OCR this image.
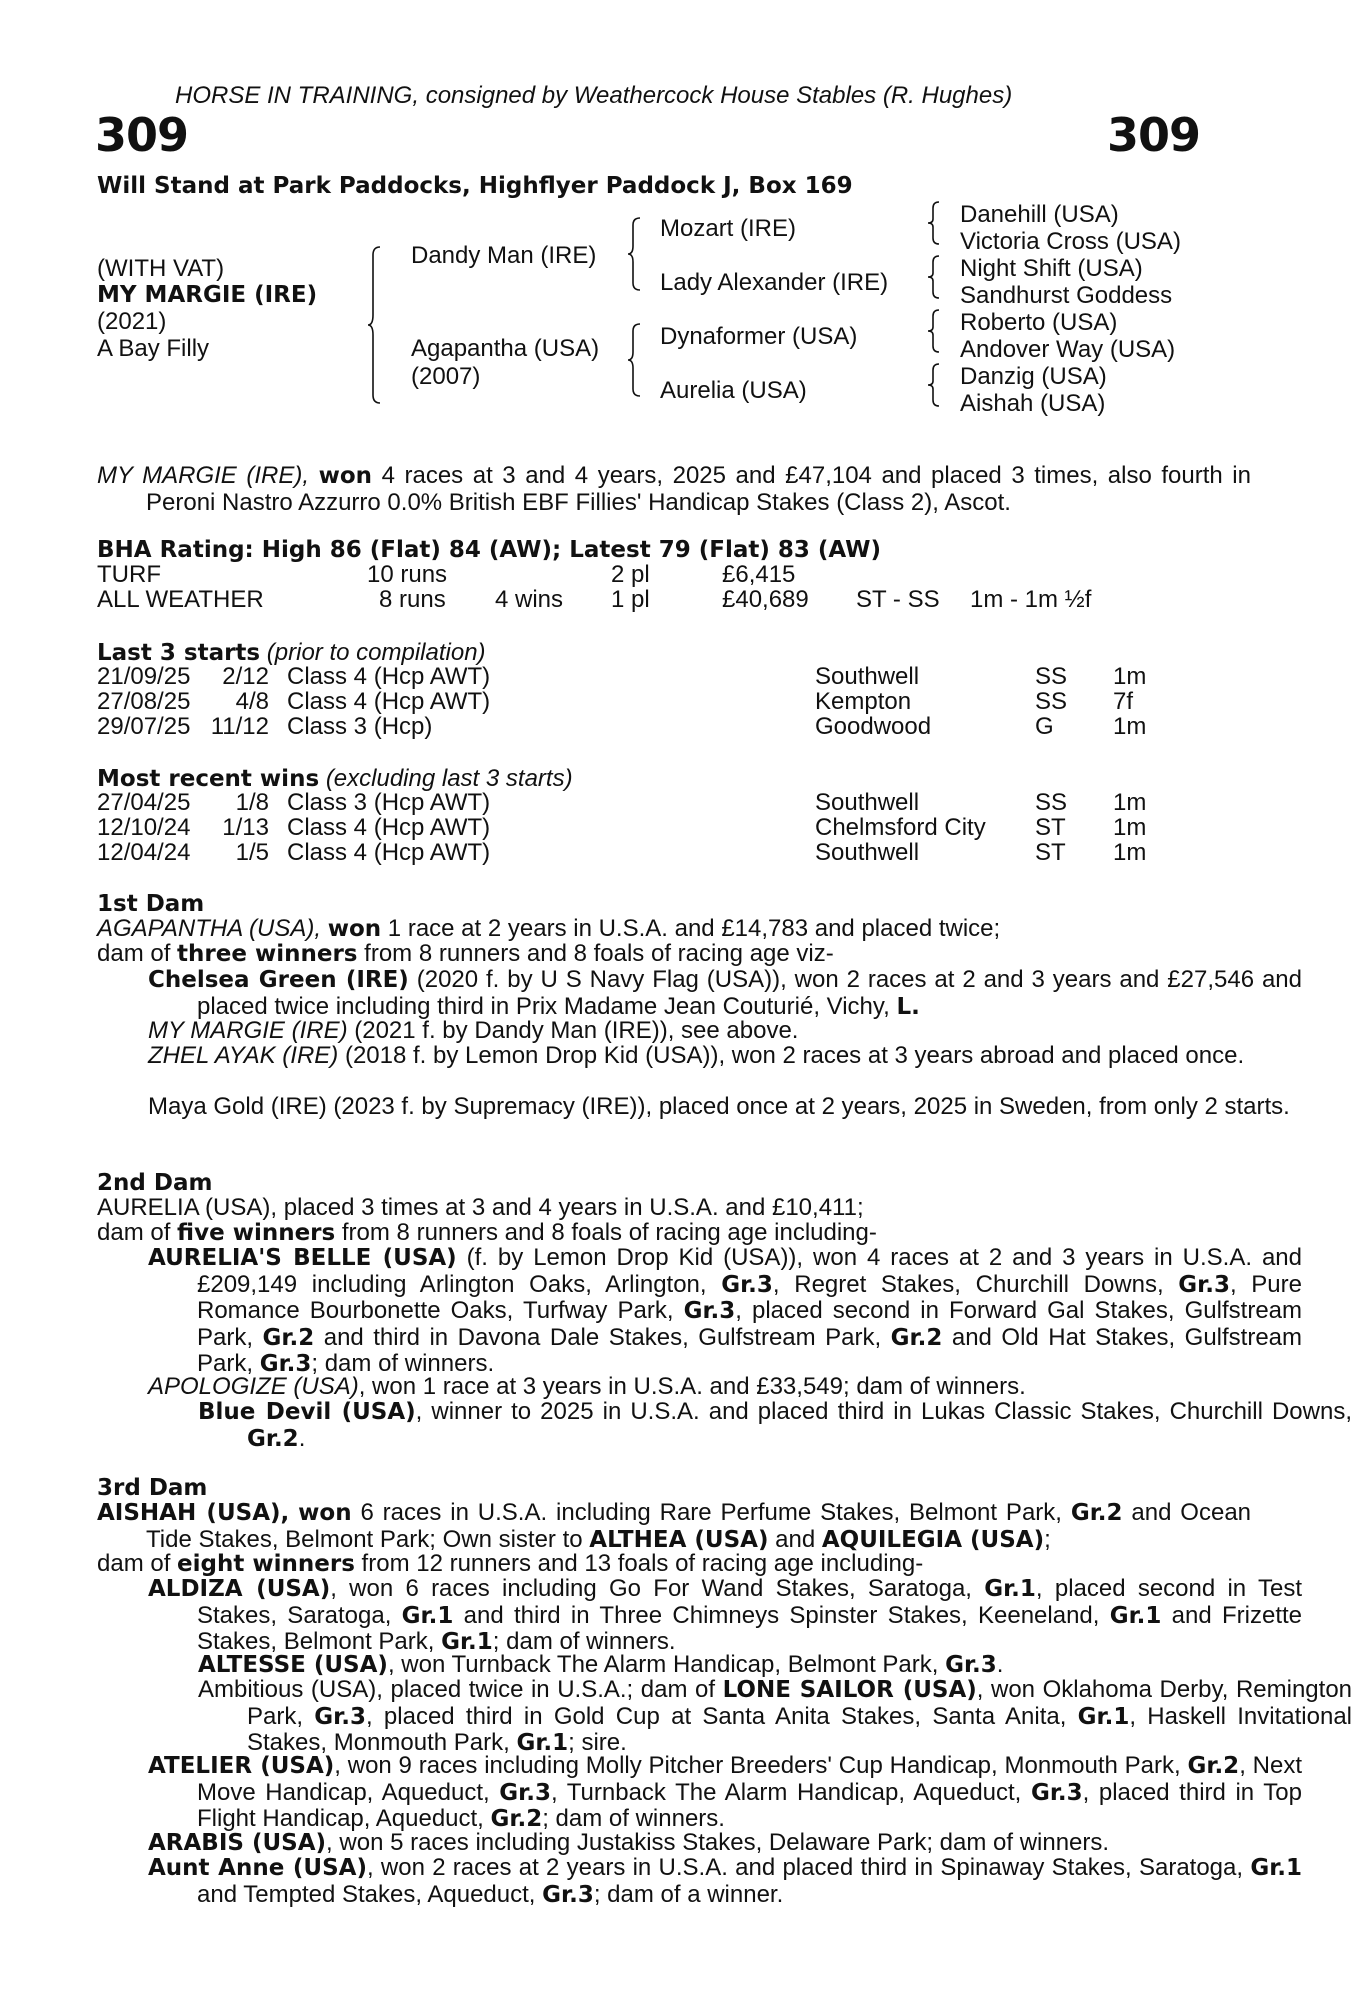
HORSE IN TRAINING, consigned by Weathercock House Stables (R. Hughes)
309	309
Will Stand at Park Paddocks, Highflyer Paddock J, Box 169
(WITH VAT)
MY MARGIE (IRE)
(2021)
A Bay Filly
Dandy Man (IRE)
Agapantha (USA)
(2007)
Mozart (IRE)
Lady Alexander (IRE)
Dynaformer (USA)
Aurelia (USA)
Danehill (USA)
Victoria Cross (USA)
Night Shift (USA)
Sandhurst Goddess
Roberto (USA)
Andover Way (USA)
Danzig (USA)
Aishah (USA)
MY MARGIE (IRE), won 4 races at 3 and 4 years, 2025 and £47,104 and placed 3 times, also fourth in Peroni Nastro Azzurro 0.0% British EBF Fillies' Handicap Stakes (Class 2), Ascot.
BHA Rating: High 86 (Flat) 84 (AW); Latest 79 (Flat) 83 (AW)
TURF	10 runs	2 pl	£6,415
ALL WEATHER	8 runs 4 wins 1 pl	£40,689 ST - SS 1m - 1m ½f
Last 3 starts (prior to compilation)
21/09/25	2/12 Class 4 (Hcp AWT)	Southwell	SS 1m
27/08/25	4/8 Class 4 (Hcp AWT)	Kempton	SS 7f
29/07/25 11/12 Class 3 (Hcp)	Goodwood	G 1m
Most recent wins (excluding last 3 starts)
27/04/25	1/8 Class 3 (Hcp AWT)	Southwell	SS 1m
12/10/24	1/13 Class 4 (Hcp AWT)	Chelmsford City ST 1m
12/04/24	1/5 Class 4 (Hcp AWT)	Southwell	ST 1m
1st Dam
AGAPANTHA (USA), won 1 race at 2 years in U.S.A. and £14,783 and placed twice;
dam of three winners from 8 runners and 8 foals of racing age viz-
Chelsea Green (IRE) (2020 f. by U S Navy Flag (USA)), won 2 races at 2 and 3 years and £27,546 and placed twice including third in Prix Madame Jean Couturié, Vichy, L.
MY MARGIE (IRE) (2021 f. by Dandy Man (IRE)), see above.
ZHEL AYAK (IRE) (2018 f. by Lemon Drop Kid (USA)), won 2 races at 3 years abroad and placed once.
Maya Gold (IRE) (2023 f. by Supremacy (IRE)), placed once at 2 years, 2025 in Sweden, from only 2 starts.
2nd Dam
AURELIA (USA), placed 3 times at 3 and 4 years in U.S.A. and £10,411;
dam of five winners from 8 runners and 8 foals of racing age including-
AURELIA'S BELLE (USA) (f. by Lemon Drop Kid (USA)), won 4 races at 2 and 3 years in U.S.A. and £209,149 including Arlington Oaks, Arlington, Gr.3, Regret Stakes, Churchill Downs, Gr.3, Pure Romance Bourbonette Oaks, Turfway Park, Gr.3, placed second in Forward Gal Stakes, Gulfstream Park, Gr.2 and third in Davona Dale Stakes, Gulfstream Park, Gr.2 and Old Hat Stakes, Gulfstream Park, Gr.3; dam of winners.
APOLOGIZE (USA), won 1 race at 3 years in U.S.A. and £33,549; dam of winners.
Blue Devil (USA), winner to 2025 in U.S.A. and placed third in Lukas Classic Stakes, Churchill Downs, Gr.2.
3rd Dam
AISHAH (USA), won 6 races in U.S.A. including Rare Perfume Stakes, Belmont Park, Gr.2 and Ocean Tide Stakes, Belmont Park; Own sister to ALTHEA (USA) and AQUILEGIA (USA);
dam of eight winners from 12 runners and 13 foals of racing age including-
ALDIZA (USA), won 6 races including Go For Wand Stakes, Saratoga, Gr.1, placed second in Test Stakes, Saratoga, Gr.1 and third in Three Chimneys Spinster Stakes, Keeneland, Gr.1 and Frizette Stakes, Belmont Park, Gr.1; dam of winners.
ALTESSE (USA), won Turnback The Alarm Handicap, Belmont Park, Gr.3.
Ambitious (USA), placed twice in U.S.A.; dam of LONE SAILOR (USA), won Oklahoma Derby, Remington Park, Gr.3, placed third in Gold Cup at Santa Anita Stakes, Santa Anita, Gr.1, Haskell Invitational Stakes, Monmouth Park, Gr.1; sire.
ATELIER (USA), won 9 races including Molly Pitcher Breeders' Cup Handicap, Monmouth Park, Gr.2, Next Move Handicap, Aqueduct, Gr.3, Turnback The Alarm Handicap, Aqueduct, Gr.3, placed third in Top Flight Handicap, Aqueduct, Gr.2; dam of winners.
ARABIS (USA), won 5 races including Justakiss Stakes, Delaware Park; dam of winners.
Aunt Anne (USA), won 2 races at 2 years in U.S.A. and placed third in Spinaway Stakes, Saratoga, Gr.1 and Tempted Stakes, Aqueduct, Gr.3; dam of a winner.
